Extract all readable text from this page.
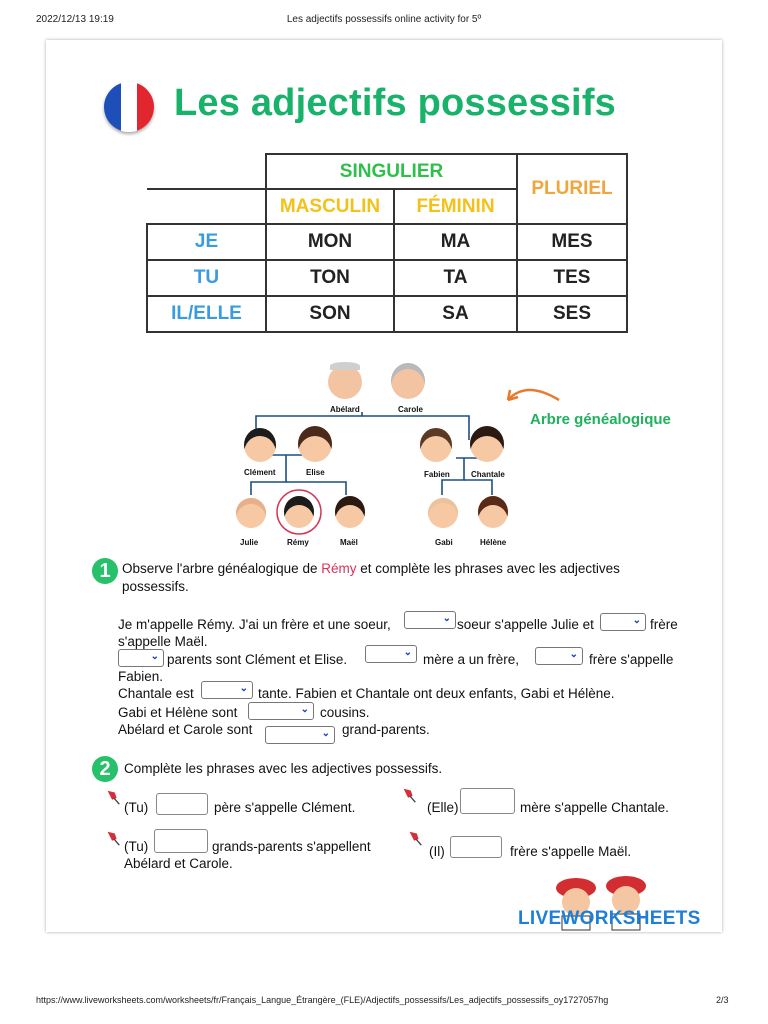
2022/12/13 19:19	Les adjectifs possessifs online activity for 5º
Les adjectifs possessifs
	SINGULIER		PLURIEL
	MASCULIN	FÉMININ	
JE	MON	MA	MES
TU	TON	TA	TES
IL/ELLE	SON	SA	SES
Abélard	Carole
Clément	Elise	Fabien	Chantale
Julie	Rémy	Maël	Gabi	Hélène
Arbre généalogique
1 Observe l'arbre généalogique de Rémy et complète les phrases avec les adjectives
possessifs.
Je m'appelle Rémy. J'ai un frère et une soeur,	⌄ soeur s'appelle Julie et	⌄ frère
s'appelle Maël.
⌄ parents sont Clément et Elise.	⌄ mère a un frère,	⌄ frère s'appelle
Fabien.
Chantale est	⌄ tante. Fabien et Chantale ont deux enfants, Gabi et Hélène.
Gabi et Hélène sont	⌄ cousins.
Abélard et Carole sont	⌄ grand-parents.
2 Complète les phrases avec les adjectives possessifs.
(Tu)	père s'appelle Clément.	(Elle)	mère s'appelle Chantale.
(Tu)	grands-parents s'appellent
Abélard et Carole.
(Il)	frère s'appelle Maël.
LIVEWORKSHEETS
https://www.liveworksheets.com/worksheets/fr/Français_Langue_Étrangère_(FLE)/Adjectifs_possessifs/Les_adjectifs_possessifs_oy1727057hg	2/3
